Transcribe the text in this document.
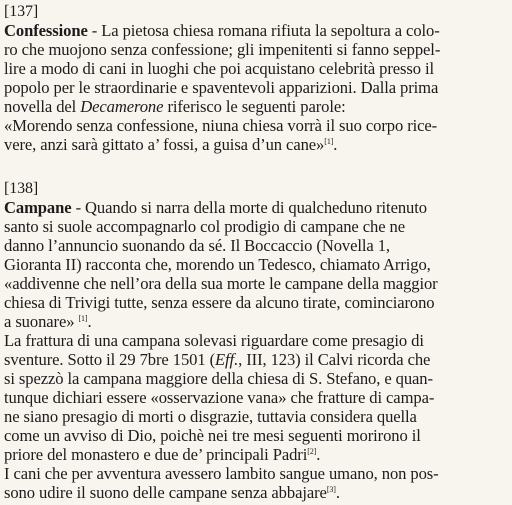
[137]
Confessione - La pietosa chiesa romana rifiuta la sepoltura a colo-
ro che muojono senza confessione; gli impenitenti si fanno seppel-
lire a modo di cani in luoghi che poi acquistano celebrità presso il
popolo per le straordinarie e spaventevoli apparizioni. Dalla prima
novella del Decamerone riferisco le seguenti parole:
«Morendo senza confessione, niuna chiesa vorrà il suo corpo rice-
vere, anzi sarà gittato a’ fossi, a guisa d’un cane»[1].
[138]
Campane - Quando si narra della morte di qualcheduno ritenuto
santo si suole accompagnarlo col prodigio di campane che ne
danno l’annuncio suonando da sé. Il Boccaccio (Novella 1,
Gioranta II) racconta che, morendo un Tedesco, chiamato Arrigo,
«addivenne che nell’ora della sua morte le campane della maggior
chiesa di Trivigi tutte, senza essere da alcuno tirate, cominciarono
a suonare» [1].
La frattura di una campana solevasi riguardare come presagio di
sventure. Sotto il 29 7bre 1501 (Eff., III, 123) il Calvi ricorda che
si spezzò la campana maggiore della chiesa di S. Stefano, e quan-
tunque dichiari essere «osservazione vana» che fratture di campa-
ne siano presagio di morti o disgrazie, tuttavia considera quella
come un avviso di Dio, poichè nei tre mesi seguenti morirono il
priore del monastero e due de’ principali Padri[2].
I cani che per avventura avessero lambito sangue umano, non pos-
sono udire il suono delle campane senza abbajare[3].
